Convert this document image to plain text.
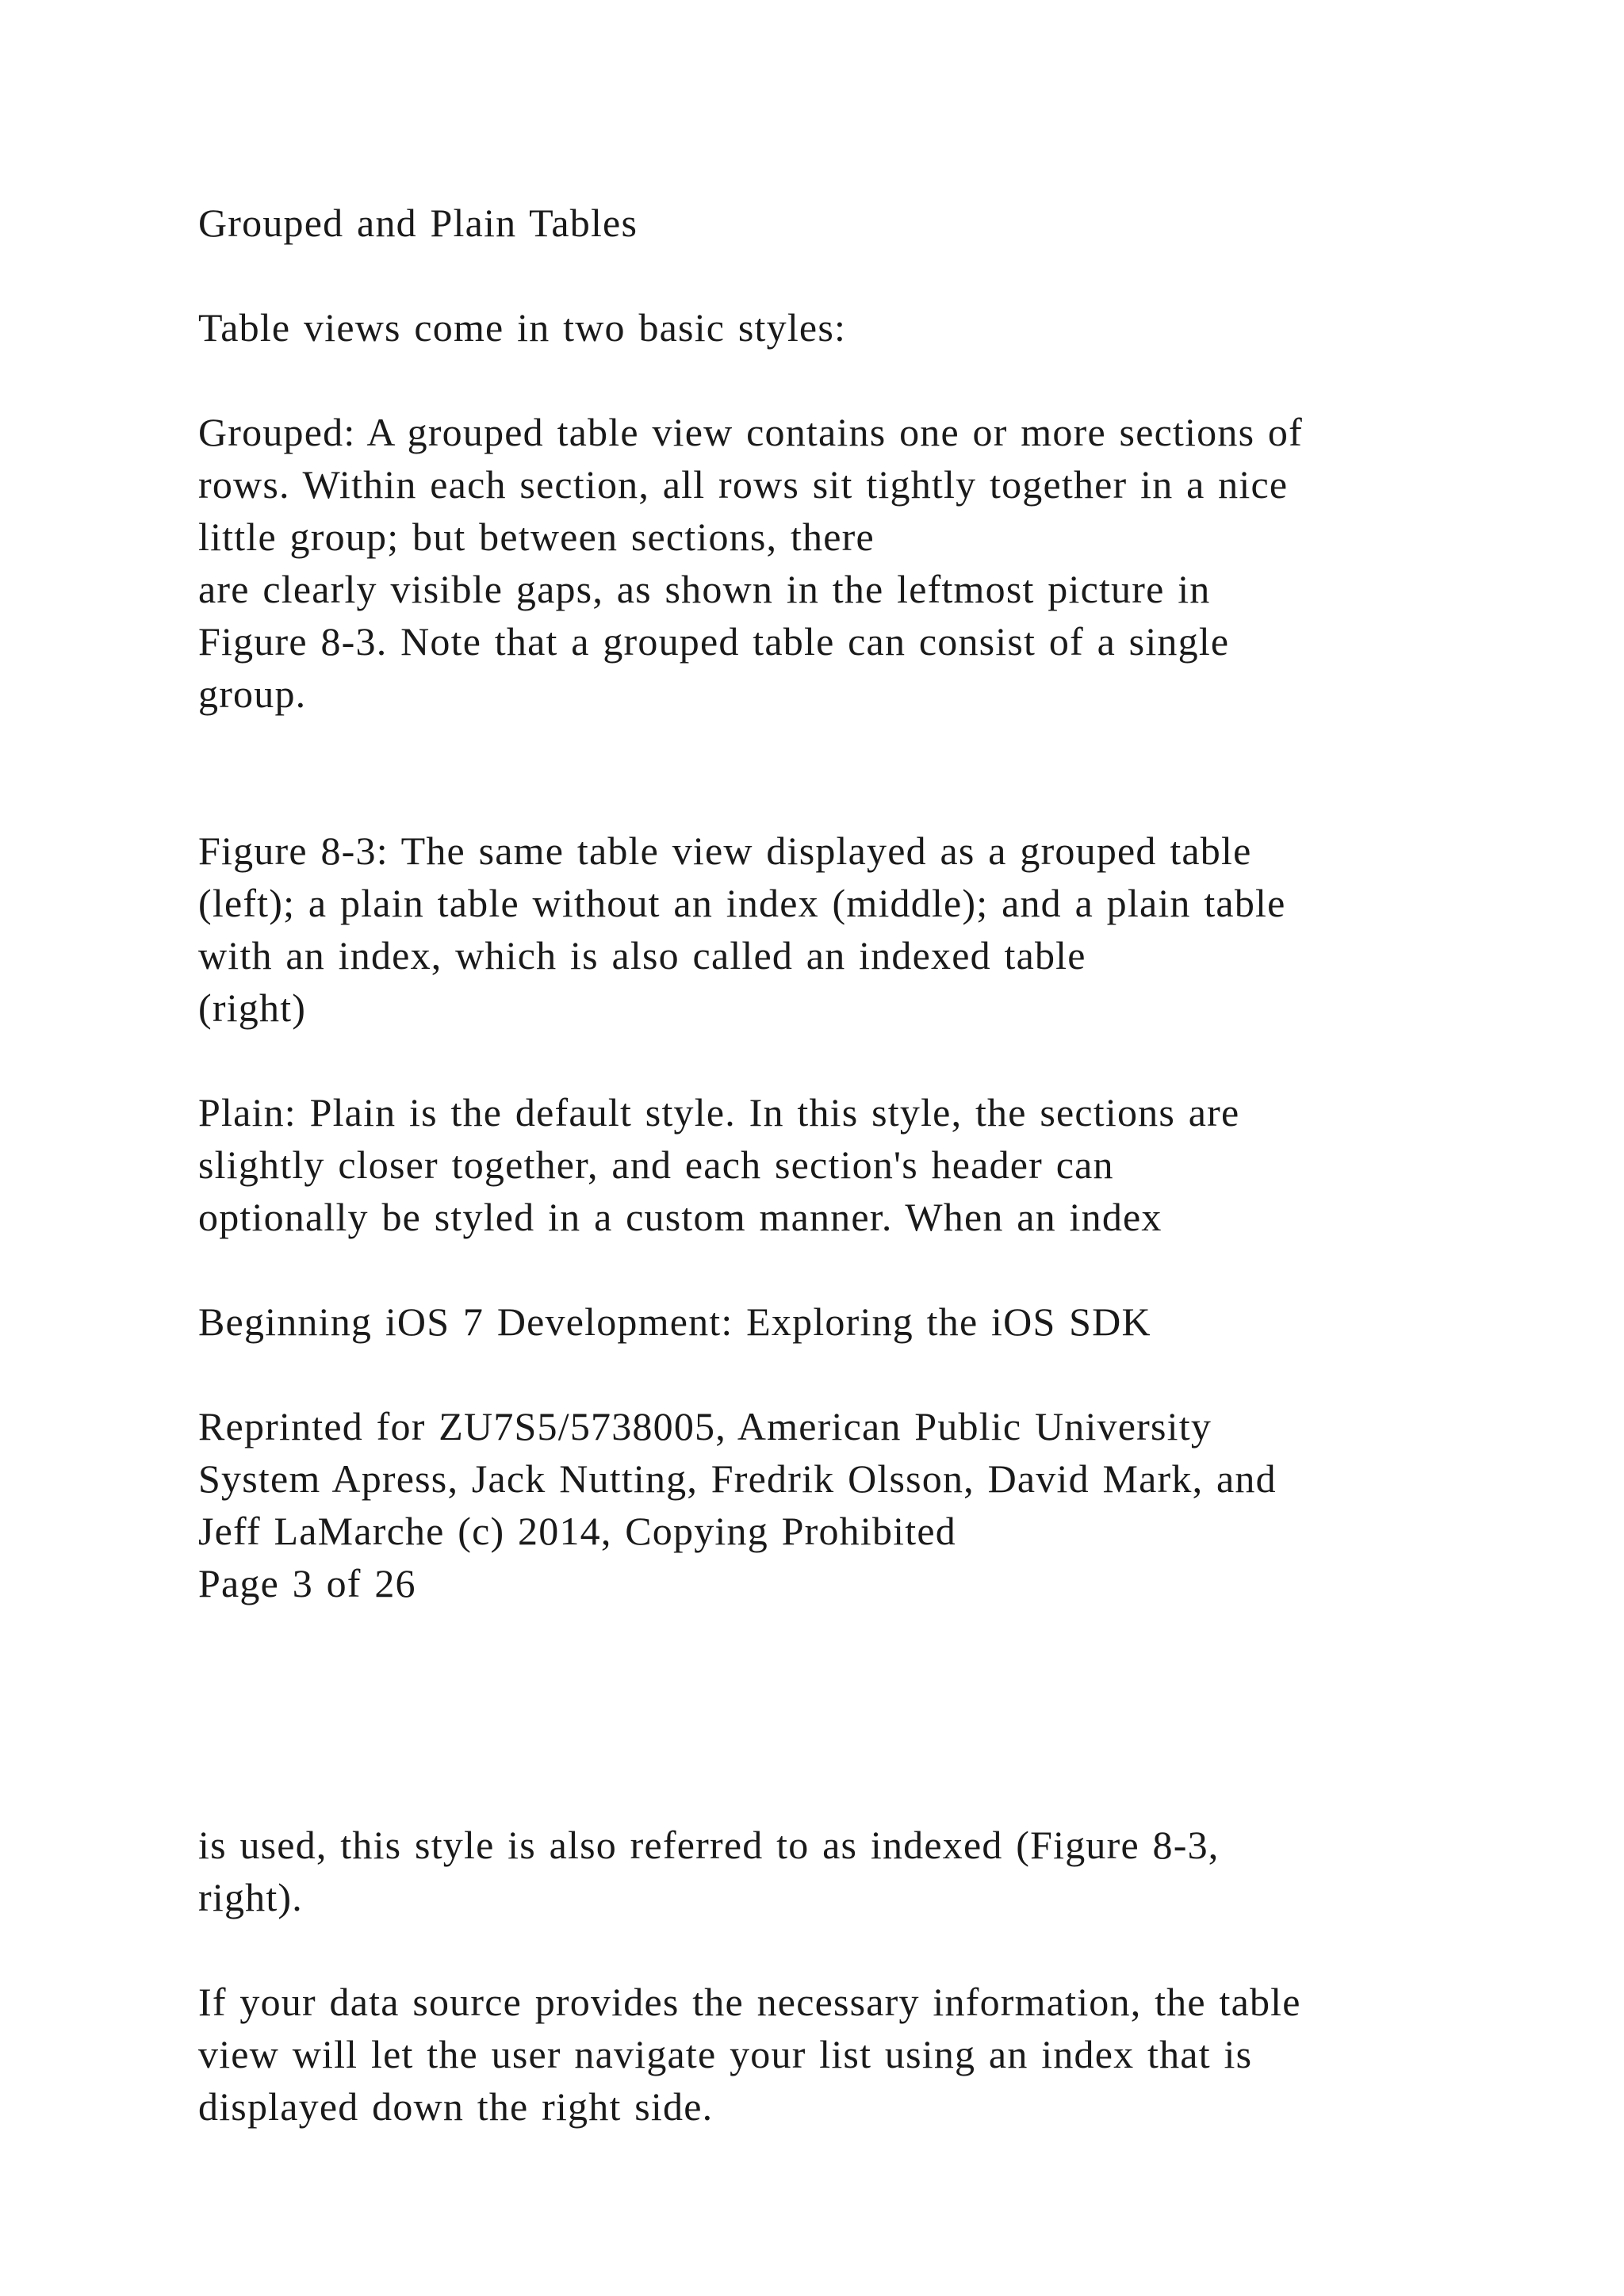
Grouped and Plain Tables

Table views come in two basic styles:

Grouped: A grouped table view contains one or more sections of
rows. Within each section, all rows sit tightly together in a nice
little group; but between sections, there
are clearly visible gaps, as shown in the leftmost picture in
Figure 8-3. Note that a grouped table can consist of a single
group.

Figure 8-3: The same table view displayed as a grouped table
(left); a plain table without an index (middle); and a plain table
with an index, which is also called an indexed table
(right)

Plain: Plain is the default style. In this style, the sections are
slightly closer together, and each section's header can
optionally be styled in a custom manner. When an index

Beginning iOS 7 Development: Exploring the iOS SDK

Reprinted for ZU7S5/5738005, American Public University
System Apress, Jack Nutting, Fredrik Olsson, David Mark, and
Jeff LaMarche (c) 2014, Copying Prohibited

Page 3 of 26

is used, this style is also referred to as indexed (Figure 8-3,
right).

If your data source provides the necessary information, the table
view will let the user navigate your list using an index that is
displayed down the right side.
